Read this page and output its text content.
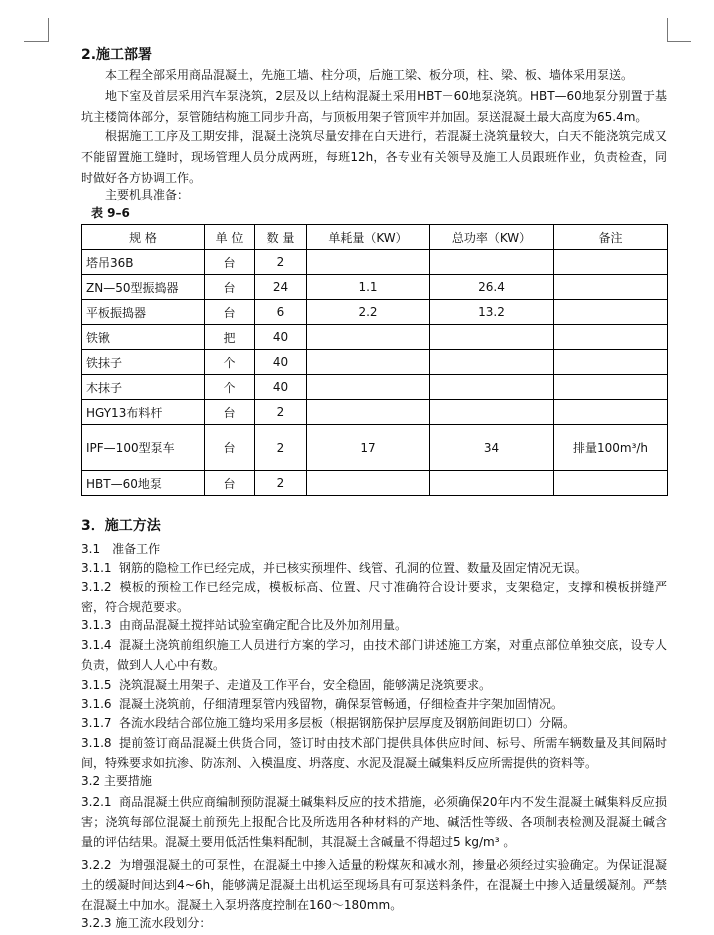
2.施工部署
本工程全部采用商品混凝土，先施工墙、柱分项，后施工梁、板分项，柱、梁、板、墙体采用泵送。
地下室及首层采用汽车泵浇筑，2层及以上结构混凝土采用HBT－60地泵浇筑。HBT—60地泵分别置于基坑主楼筒体部分，泵管随结构施工同步升高，与顶板用架子管顶牢并加固。泵送混凝土最大高度为65.4m。
根据施工工序及工期安排，混凝土浇筑尽量安排在白天进行，若混凝土浇筑量较大，白天不能浇筑完成又不能留置施工缝时，现场管理人员分成两班，每班12h，各专业有关领导及施工人员跟班作业，负责检查，同时做好各方协调工作。
主要机具准备：
表 9–6
规 格	单 位	数 量	单耗量（KW）	总功率（KW）	备注
塔吊36B	台	2			
ZN—50型振捣器	台	24	1.1	26.4	
平板振捣器	台	6	2.2	13.2	
铁锹	把	40			
铁抹子	个	40			
木抹子	个	40			
HGY13布料杆	台	2			
IPF—100型泵车	台	2	17	34	排量100m³/h
HBT—60地泵	台	2			
3．施工方法
3.1　准备工作
3.1.1 钢筋的隐检工作已经完成，并已核实预埋件、线管、孔洞的位置、数量及固定情况无误。
3.1.2 模板的预检工作已经完成，模板标高、位置、尺寸准确符合设计要求，支架稳定，支撑和模板拼缝严密，符合规范要求。
3.1.3 由商品混凝土搅拌站试验室确定配合比及外加剂用量。
3.1.4 混凝土浇筑前组织施工人员进行方案的学习，由技术部门讲述施工方案，对重点部位单独交底，设专人负责，做到人人心中有数。
3.1.5 浇筑混凝土用架子、走道及工作平台，安全稳固，能够满足浇筑要求。
3.1.6 混凝土浇筑前，仔细清理泵管内残留物，确保泵管畅通，仔细检查井字架加固情况。
3.1.7 各流水段结合部位施工缝均采用多层板（根据钢筋保护层厚度及钢筋间距切口）分隔。
3.1.8 提前签订商品混凝土供货合同，签订时由技术部门提供具体供应时间、标号、所需车辆数量及其间隔时间，特殊要求如抗渗、防冻剂、入模温度、坍落度、水泥及混凝土碱集料反应所需提供的资料等。
3.2 主要措施
3.2.1 商品混凝土供应商编制预防混凝土碱集料反应的技术措施，必须确保20年内不发生混凝土碱集料反应损害；浇筑每部位混凝土前预先上报配合比及所选用各种材料的产地、碱活性等级、各项制表检测及混凝土碱含量的评估结果。混凝土要用低活性集料配制，其混凝土含碱量不得超过5 kg/m³ 。
3.2.2 为增强混凝土的可泵性，在混凝土中掺入适量的粉煤灰和减水剂，掺量必须经过实验确定。为保证混凝土的缓凝时间达到4~6h，能够满足混凝土出机运至现场具有可泵送料条件，在混凝土中掺入适量缓凝剂。严禁在混凝土中加水。混凝土入泵坍落度控制在160～180mm。
3.2.3 施工流水段划分：
